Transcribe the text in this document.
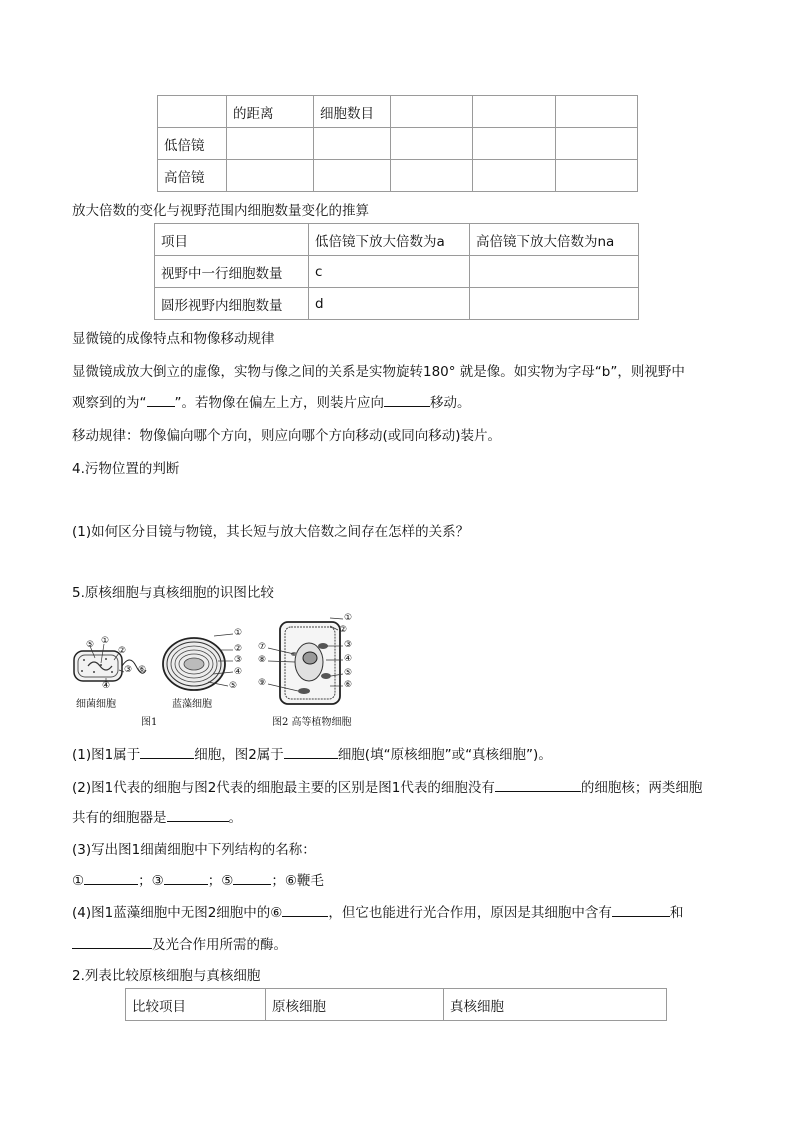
	的距离	细胞数目			
低倍镜					
高倍镜					
放大倍数的变化与视野范围内细胞数量变化的推算
项目	低倍镜下放大倍数为a	高倍镜下放大倍数为na
视野中一行细胞数量	c	
圆形视野内细胞数量	d	
显微镜的成像特点和物像移动规律
显微镜成放大倒立的虚像，实物与像之间的关系是实物旋转180° 就是像。如实物为字母“b”，则视野中
观察到的为“ ”。若物像在偏左上方，则装片应向	移动。
移动规律：物像偏向哪个方向，则应向哪个方向移动(或同向移动)装片。
4.污物位置的判断
(1)如何区分目镜与物镜，其长短与放大倍数之间存在怎样的关系？
5.原核细胞与真核细胞的识图比较
⑤ ①
②
③
④
⑥
①
②
③
④
⑤
①
②
③
④
⑤
⑥
⑦
⑧
⑨
细菌细胞	蓝藻细胞
图1	图2 高等植物细胞
(1)图1属于	细胞，图2属于	细胞(填“原核细胞”或“真核细胞”)。
(2)图1代表的细胞与图2代表的细胞最主要的区别是图1代表的细胞没有	的细胞核；两类细胞
共有的细胞器是	。
(3)写出图1细菌细胞中下列结构的名称：
①	；③	；⑤	；⑥鞭毛
(4)图1蓝藻细胞中无图2细胞中的⑥	，但它也能进行光合作用，原因是其细胞中含有	和
及光合作用所需的酶。
2.列表比较原核细胞与真核细胞
比较项目	原核细胞	真核细胞
